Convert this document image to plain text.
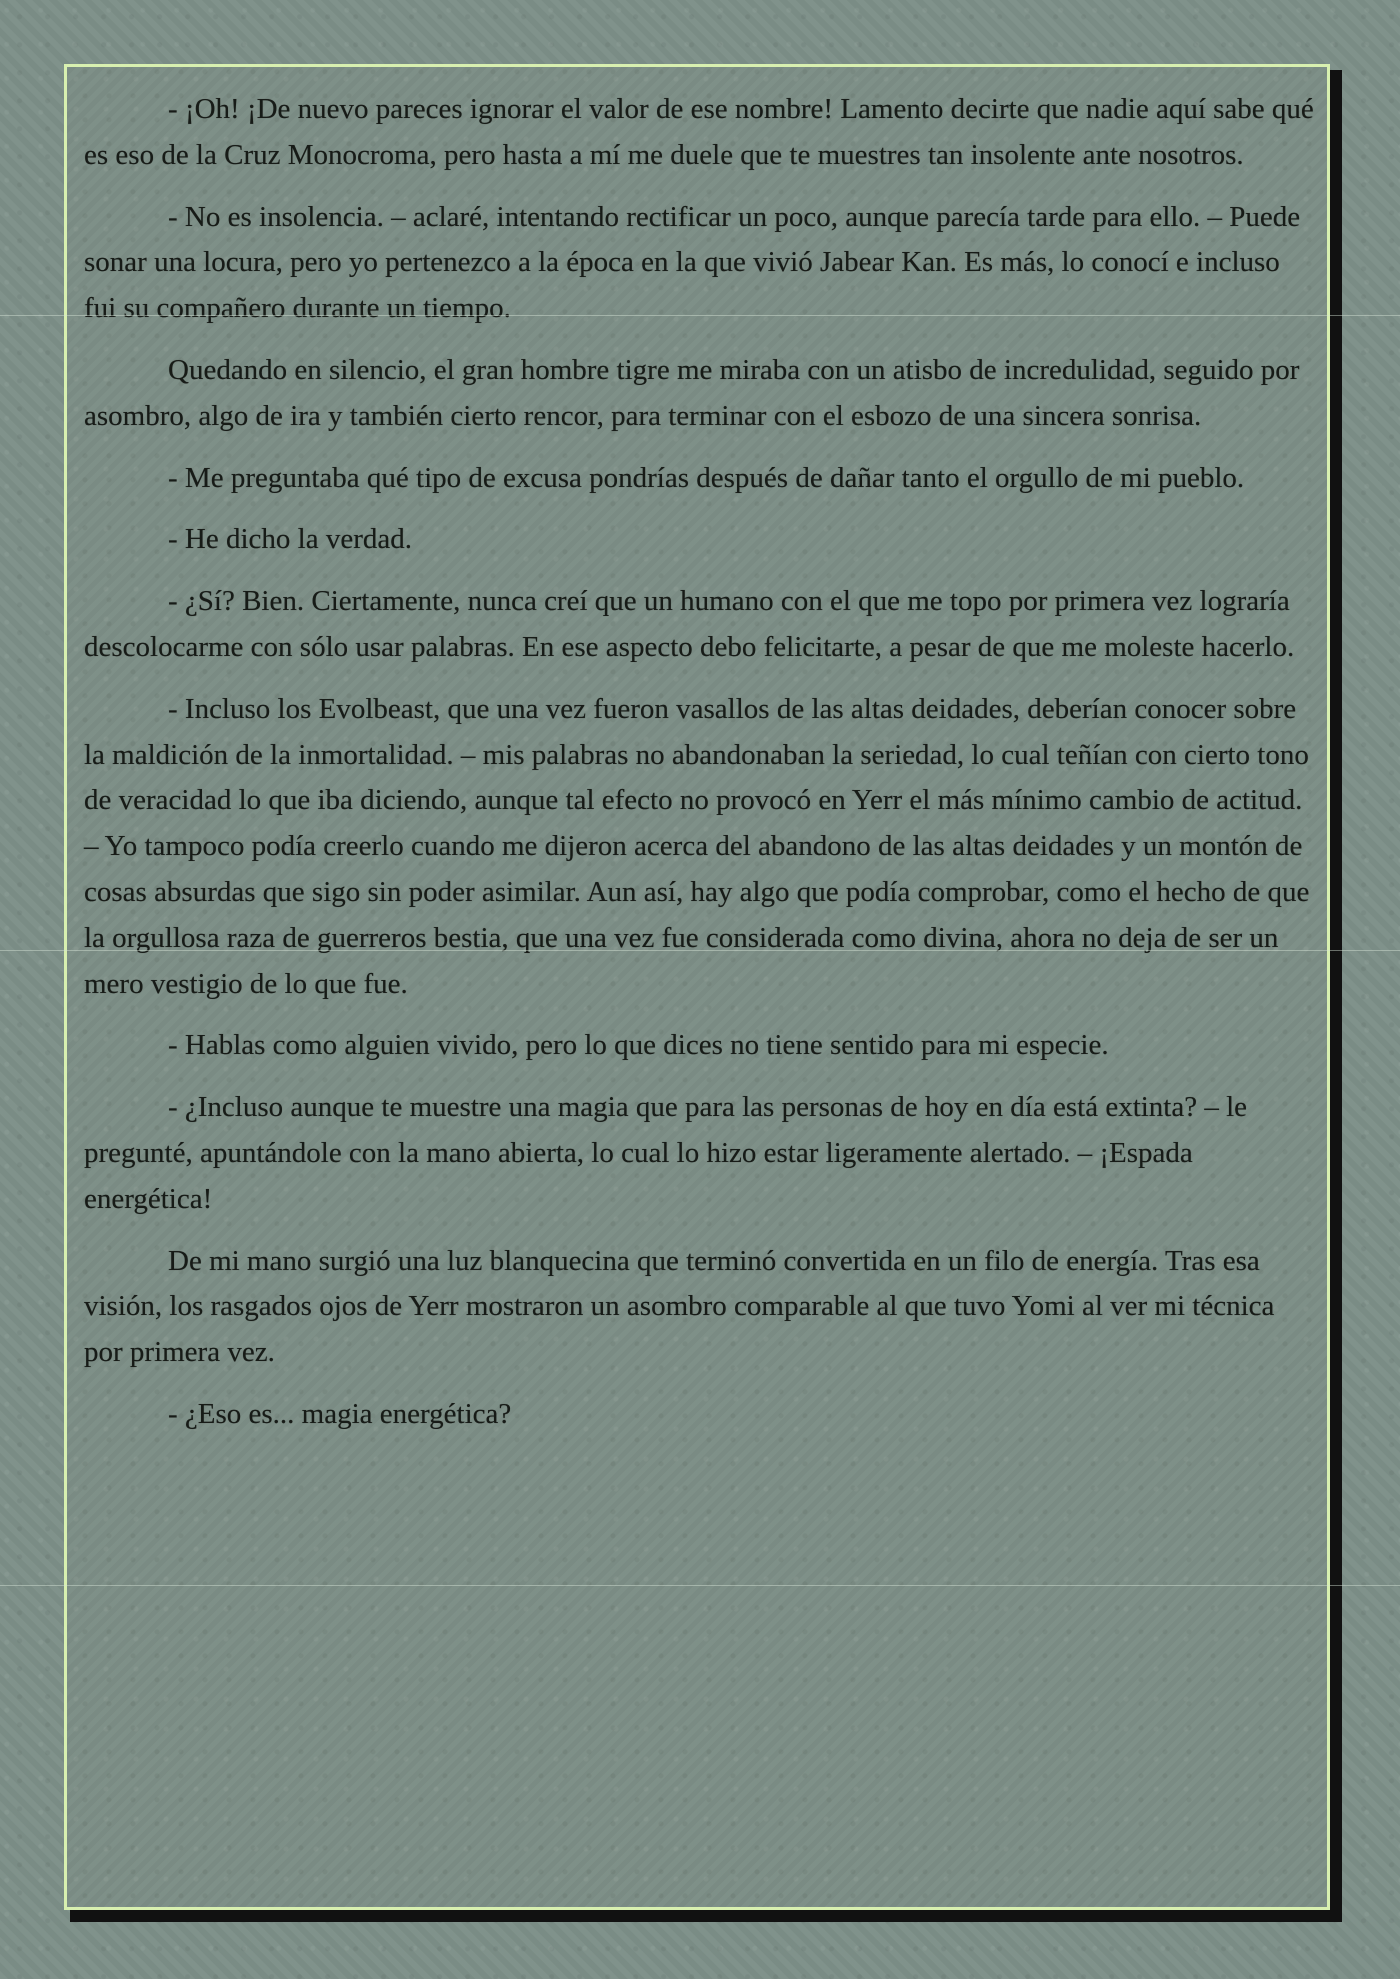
- ¡Oh! ¡De nuevo pareces ignorar el valor de ese nombre! Lamento decirte que nadie aquí sabe qué es eso de la Cruz Monocroma, pero hasta a mí me duele que te muestres tan insolente ante nosotros.

- No es insolencia. – aclaré, intentando rectificar un poco, aunque parecía tarde para ello. – Puede sonar una locura, pero yo pertenezco a la época en la que vivió Jabear Kan. Es más, lo conocí e incluso fui su compañero durante un tiempo.

Quedando en silencio, el gran hombre tigre me miraba con un atisbo de incredulidad, seguido por asombro, algo de ira y también cierto rencor, para terminar con el esbozo de una sincera sonrisa.

- Me preguntaba qué tipo de excusa pondrías después de dañar tanto el orgullo de mi pueblo.

- He dicho la verdad.

- ¿Sí? Bien. Ciertamente, nunca creí que un humano con el que me topo por primera vez lograría descolocarme con sólo usar palabras. En ese aspecto debo felicitarte, a pesar de que me moleste hacerlo.

- Incluso los Evolbeast, que una vez fueron vasallos de las altas deidades, deberían conocer sobre la maldición de la inmortalidad. – mis palabras no abandonaban la seriedad, lo cual teñían con cierto tono de veracidad lo que iba diciendo, aunque tal efecto no provocó en Yerr el más mínimo cambio de actitud. – Yo tampoco podía creerlo cuando me dijeron acerca del abandono de las altas deidades y un montón de cosas absurdas que sigo sin poder asimilar. Aun así, hay algo que podía comprobar, como el hecho de que la orgullosa raza de guerreros bestia, que una vez fue considerada como divina, ahora no deja de ser un mero vestigio de lo que fue.

- Hablas como alguien vivido, pero lo que dices no tiene sentido para mi especie.

- ¿Incluso aunque te muestre una magia que para las personas de hoy en día está extinta? – le pregunté, apuntándole con la mano abierta, lo cual lo hizo estar ligeramente alertado. – ¡Espada energética!

De mi mano surgió una luz blanquecina que terminó convertida en un filo de energía. Tras esa visión, los rasgados ojos de Yerr mostraron un asombro comparable al que tuvo Yomi al ver mi técnica por primera vez.

- ¿Eso es... magia energética?
